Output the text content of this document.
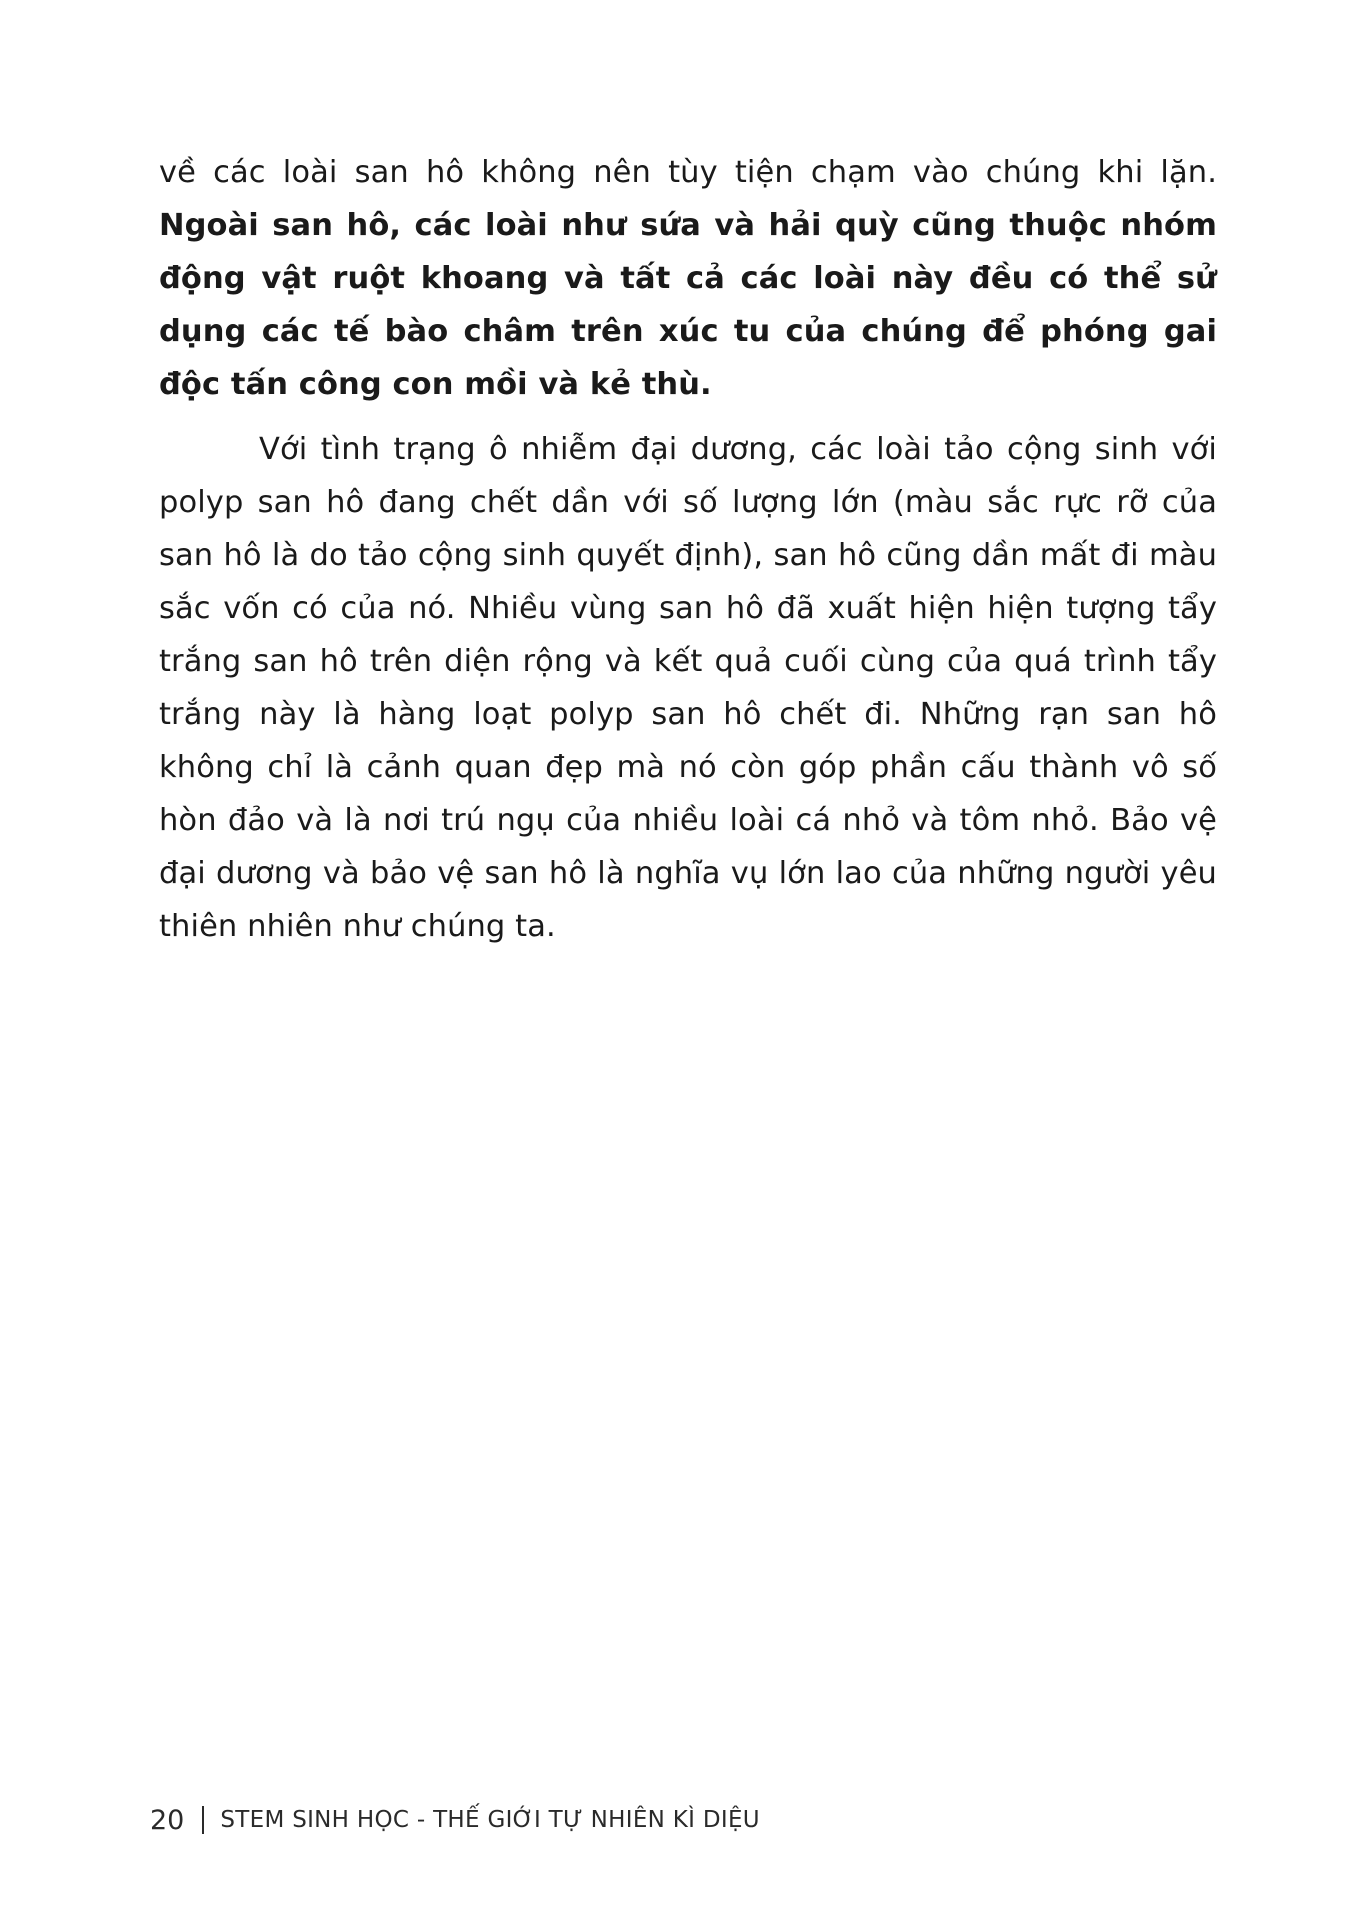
về các loài san hô không nên tùy tiện chạm vào chúng khi lặn. Ngoài san hô, các loài như sứa và hải quỳ cũng thuộc nhóm động vật ruột khoang và tất cả các loài này đều có thể sử dụng các tế bào châm trên xúc tu của chúng để phóng gai độc tấn công con mồi và kẻ thù.

Với tình trạng ô nhiễm đại dương, các loài tảo cộng sinh với polyp san hô đang chết dần với số lượng lớn (màu sắc rực rỡ của san hô là do tảo cộng sinh quyết định), san hô cũng dần mất đi màu sắc vốn có của nó. Nhiều vùng san hô đã xuất hiện hiện tượng tẩy trắng san hô trên diện rộng và kết quả cuối cùng của quá trình tẩy trắng này là hàng loạt polyp san hô chết đi. Những rạn san hô không chỉ là cảnh quan đẹp mà nó còn góp phần cấu thành vô số hòn đảo và là nơi trú ngụ của nhiều loài cá nhỏ và tôm nhỏ. Bảo vệ đại dương và bảo vệ san hô là nghĩa vụ lớn lao của những người yêu thiên nhiên như chúng ta.

20 STEM SINH HỌC - THẾ GIỚI TỰ NHIÊN KÌ DIỆU
